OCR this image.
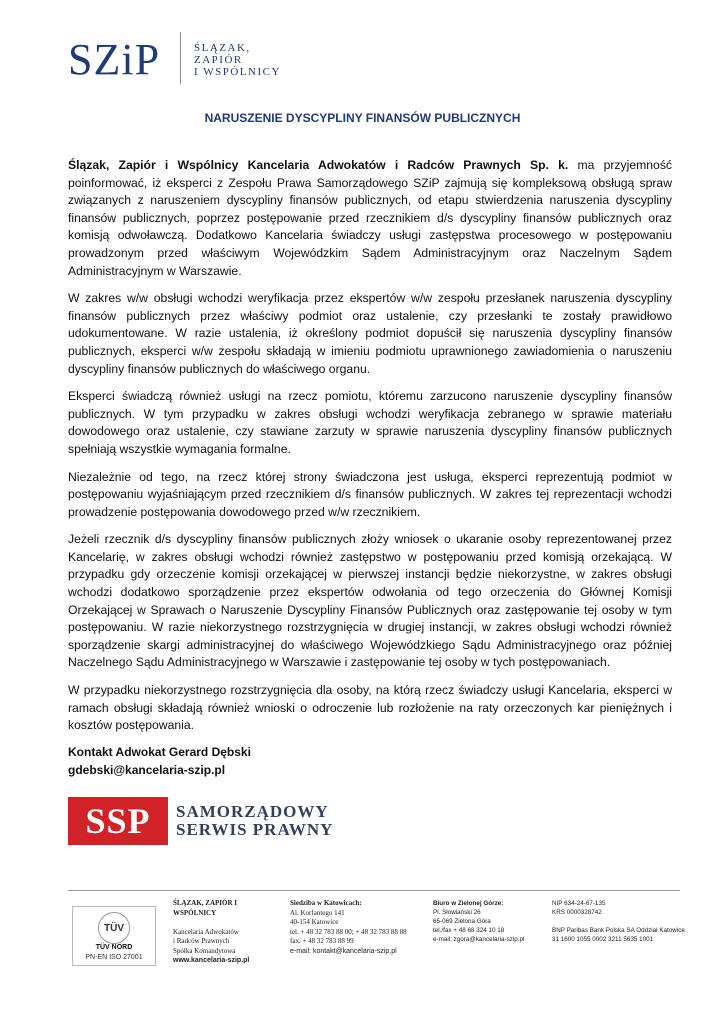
SZiP	ŚLĄZAK,
ZAPIÓR
I WSPÓLNICY
NARUSZENIE DYSCYPLINY FINANSÓW PUBLICZNYCH

Ślązak, Zapiór i Wspólnicy Kancelaria Adwokatów i Radców Prawnych Sp. k. ma przyjemność poinformować, iż eksperci z Zespołu Prawa Samorządowego SZiP zajmują się kompleksową obsługą spraw związanych z naruszeniem dyscypliny finansów publicznych, od etapu stwierdzenia naruszenia dyscypliny finansów publicznych, poprzez postępowanie przed rzecznikiem d/s dyscypliny finansów publicznych oraz komisją odwoławczą. Dodatkowo Kancelaria świadczy usługi zastępstwa procesowego w postępowaniu prowadzonym przed właściwym Wojewódzkim Sądem Administracyjnym oraz Naczelnym Sądem Administracyjnym w Warszawie.

W zakres w/w obsługi wchodzi weryfikacja przez ekspertów w/w zespołu przesłanek naruszenia dyscypliny finansów publicznych przez właściwy podmiot oraz ustalenie, czy przesłanki te zostały prawidłowo udokumentowane. W razie ustalenia, iż określony podmiot dopuścił się naruszenia dyscypliny finansów publicznych, eksperci w/w zespołu składają w imieniu podmiotu uprawnionego zawiadomienia o naruszeniu dyscypliny finansów publicznych do właściwego organu.

Eksperci świadczą również usługi na rzecz pomiotu, któremu zarzucono naruszenie dyscypliny finansów publicznych. W tym przypadku w zakres obsługi wchodzi weryfikacja zebranego w sprawie materiału dowodowego oraz ustalenie, czy stawiane zarzuty w sprawie naruszenia dyscypliny finansów publicznych spełniają wszystkie wymagania formalne.

Niezależnie od tego, na rzecz której strony świadczona jest usługa, eksperci reprezentują podmiot w postępowaniu wyjaśniającym przed rzecznikiem d/s finansów publicznych. W zakres tej reprezentacji wchodzi prowadzenie postępowania dowodowego przed w/w rzecznikiem.

Jeżeli rzecznik d/s dyscypliny finansów publicznych złoży wniosek o ukaranie osoby reprezentowanej przez Kancelarię, w zakres obsługi wchodzi również zastępstwo w postępowaniu przed komisją orzekającą. W przypadku gdy orzeczenie komisji orzekającej w pierwszej instancji będzie niekorzystne, w zakres obsługi wchodzi dodatkowo sporządzenie przez ekspertów odwołania od tego orzeczenia do Głównej Komisji Orzekającej w Sprawach o Naruszenie Dyscypliny Finansów Publicznych oraz zastępowanie tej osoby w tym postępowaniu. W razie niekorzystnego rozstrzygnięcia w drugiej instancji, w zakres obsługi wchodzi również sporządzenie skargi administracyjnej do właściwego Wojewódzkiego Sądu Administracyjnego oraz później Naczelnego Sądu Administracyjnego w Warszawie i zastępowanie tej osoby w tych postępowaniach.

W przypadku niekorzystnego rozstrzygnięcia dla osoby, na którą rzecz świadczy usługi Kancelaria, eksperci w ramach obsługi składają również wnioski o odroczenie lub rozłożenie na raty orzeczonych kar pieniężnych i kosztów postępowania.

Kontakt Adwokat Gerard Dębski
gdebski@kancelaria-szip.pl
SSP	SAMORZĄDOWY
SERWIS PRAWNY
TÜV
TÜV NORD
PN-EN ISO 27001
ŚLĄZAK, ZAPIÓR I
WSPÓLNICY
Kancelaria Adwokatów
i Radców Prawnych
Spółka Komandytowa
www.kancelaria-szip.pl
Siedziba w Katowicach:
Al. Korfantego 141
40-154 Katowice
tel. + 48 32 783 88 00; + 48 32 783 88 88
fax. + 48 32 783 88 99
e-mail: kontakt@kancelaria-szip.pl
Biuro w Zielonej Górze:
Pl. Słowiański 26
65-069 Zielona Góra
tel./fax + 48 68 324 10 18
e-mail: zgora@kancelaria-szip.pl
NIP 634-24-67-135
KRS 0000328742
BNP Paribas Bank Polska SA Oddział Katowice
31 1600 1055 0002 3211 5635 1001
